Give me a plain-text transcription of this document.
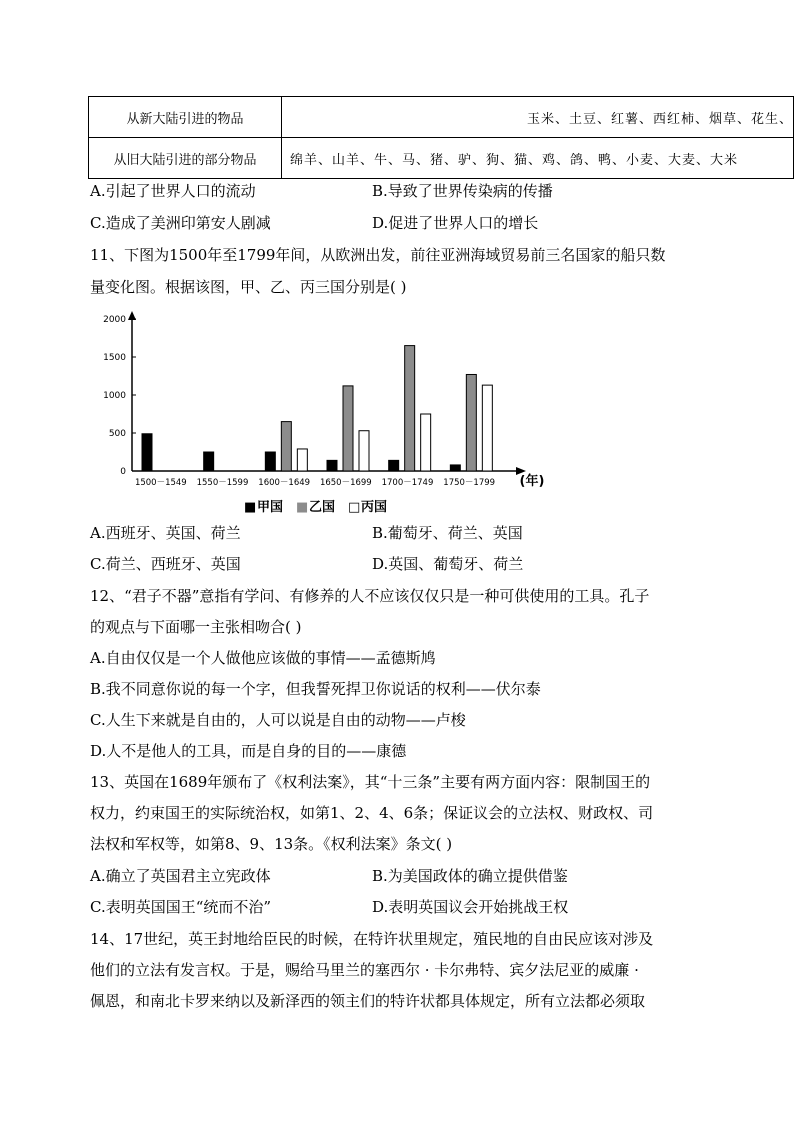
从新大陆引进的物品	玉米、土豆、红薯、西红柿、烟草、花生、
从旧大陆引进的部分物品	绵羊、山羊、牛、马、猪、驴、狗、猫、鸡、鸽、鸭、小麦、大麦、大米
A.引起了世界人口的流动	B.导致了世界传染病的传播
C.造成了美洲印第安人剧减	D.促进了世界人口的增长
11、下图为1500年至1799年间，从欧洲出发，前往亚洲海域贸易前三名国家的船只数
量变化图。根据该图，甲、乙、丙三国分别是( )
0
500
1000
1500
2000
1500－1549 1550－1599 1600－1649 1650－1699 1700－1749 1750－1799 (年)
■ 甲国 ■ 乙国 □ 丙国
A.西班牙、英国、荷兰	B.葡萄牙、荷兰、英国
C.荷兰、西班牙、英国	D.英国、葡萄牙、荷兰
12、“君子不器”意指有学问、有修养的人不应该仅仅只是一种可供使用的工具。孔子
的观点与下面哪一主张相吻合( )
A.自由仅仅是一个人做他应该做的事情——孟德斯鸠
B.我不同意你说的每一个字，但我誓死捍卫你说话的权利——伏尔泰
C.人生下来就是自由的，人可以说是自由的动物——卢梭
D.人不是他人的工具，而是自身的目的——康德
13、英国在1689年颁布了《权利法案》，其“十三条”主要有两方面内容：限制国王的
权力，约束国王的实际统治权，如第1、2、4、6条；保证议会的立法权、财政权、司
法权和军权等，如第8、9、13条。《权利法案》条文( )
A.确立了英国君主立宪政体	B.为美国政体的确立提供借鉴
C.表明英国国王“统而不治”	D.表明英国议会开始挑战王权
14、17世纪，英王封地给臣民的时候，在特许状里规定，殖民地的自由民应该对涉及
他们的立法有发言权。于是，赐给马里兰的塞西尔 · 卡尔弗特、宾夕法尼亚的威廉 ·
佩恩，和南北卡罗来纳以及新泽西的领主们的特许状都具体规定，所有立法都必须取
